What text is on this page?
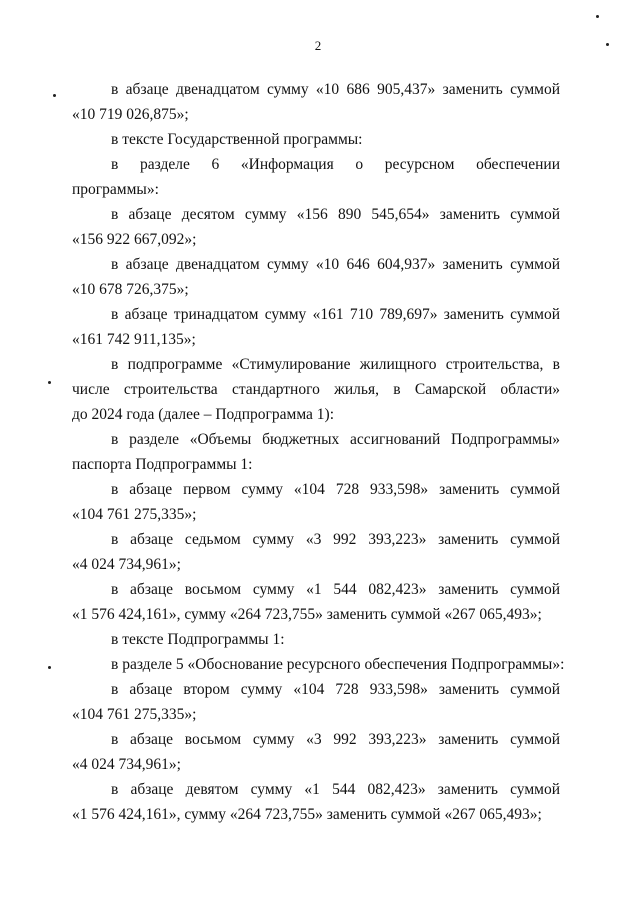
2
в абзаце двенадцатом сумму «10 686 905,437» заменить суммой
«10 719 026,875»;
в тексте Государственной программы:
в разделе 6 «Информация о ресурсном обеспечении
программы»:
в абзаце десятом сумму «156 890 545,654» заменить суммой
«156 922 667,092»;
в абзаце двенадцатом сумму «10 646 604,937» заменить суммой
«10 678 726,375»;
в абзаце тринадцатом сумму «161 710 789,697» заменить суммой
«161 742 911,135»;
в подпрограмме «Стимулирование жилищного строительства, в
числе строительства стандартного жилья, в Самарской области»
до 2024 года (далее – Подпрограмма 1):
в разделе «Объемы бюджетных ассигнований Подпрограммы»
паспорта Подпрограммы 1:
в абзаце первом сумму «104 728 933,598» заменить суммой
«104 761 275,335»;
в абзаце седьмом сумму «3 992 393,223» заменить суммой
«4 024 734,961»;
в абзаце восьмом сумму «1 544 082,423» заменить суммой
«1 576 424,161», сумму «264 723,755» заменить суммой «267 065,493»;
в тексте Подпрограммы 1:
в разделе 5 «Обоснование ресурсного обеспечения Подпрограммы»:
в абзаце втором сумму «104 728 933,598» заменить суммой
«104 761 275,335»;
в абзаце восьмом сумму «3 992 393,223» заменить суммой
«4 024 734,961»;
в абзаце девятом сумму «1 544 082,423» заменить суммой
«1 576 424,161», сумму «264 723,755» заменить суммой «267 065,493»;
